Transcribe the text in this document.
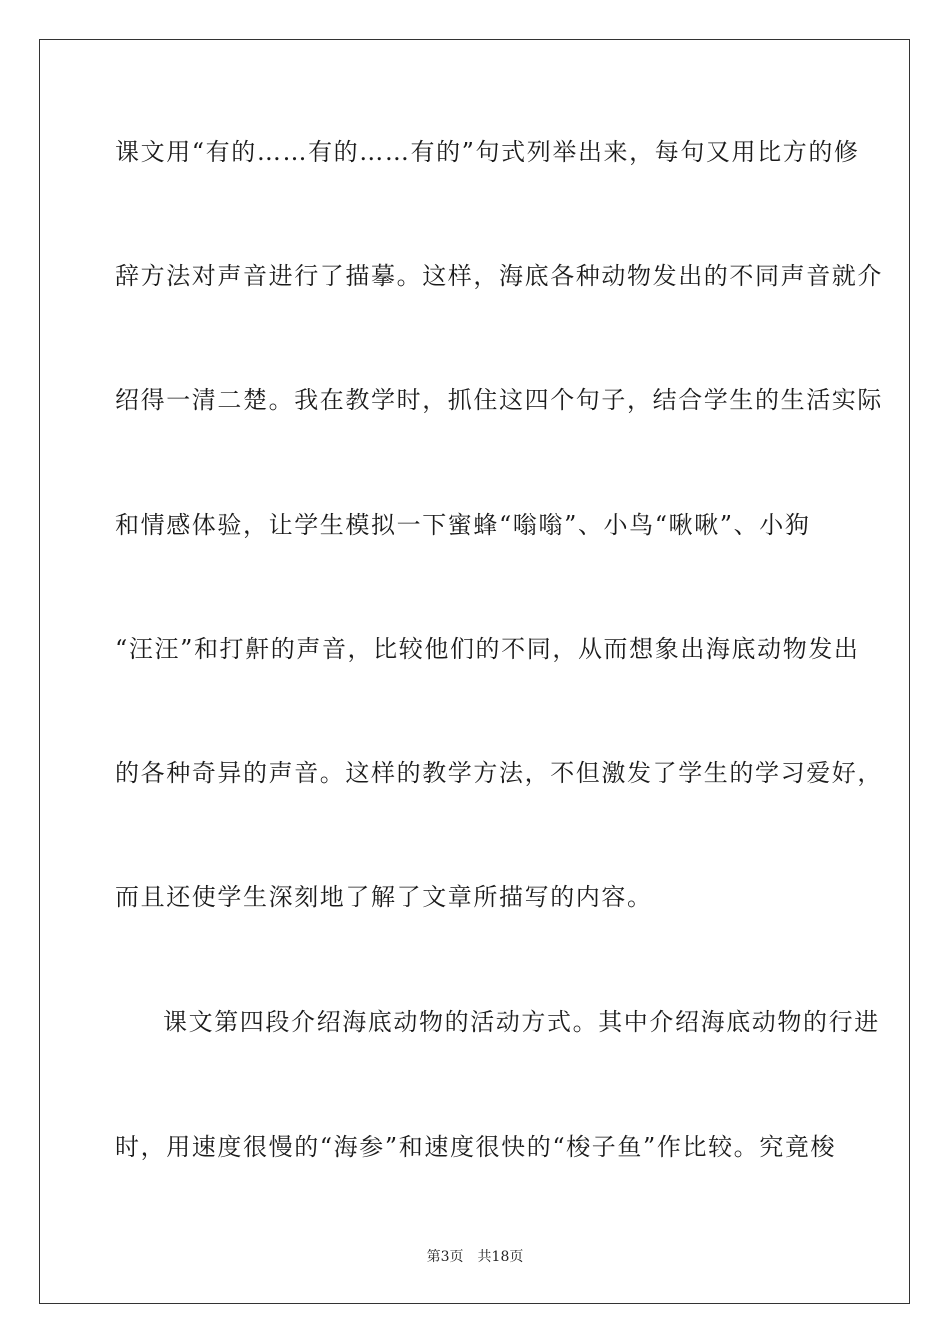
课文用“有的……有的……有的”句式列举出来，每句又用比方的修
辞方法对声音进行了描摹。这样，海底各种动物发出的不同声音就介
绍得一清二楚。我在教学时，抓住这四个句子，结合学生的生活实际
和情感体验，让学生模拟一下蜜蜂“嗡嗡”、小鸟“啾啾”、小狗
“汪汪”和打鼾的声音，比较他们的不同，从而想象出海底动物发出
的各种奇异的声音。这样的教学方法，不但激发了学生的学习爱好，
而且还使学生深刻地了解了文章所描写的内容。
课文第四段介绍海底动物的活动方式。其中介绍海底动物的行进
时，用速度很慢的“海参”和速度很快的“梭子鱼”作比较。究竟梭
第3页 共18页
